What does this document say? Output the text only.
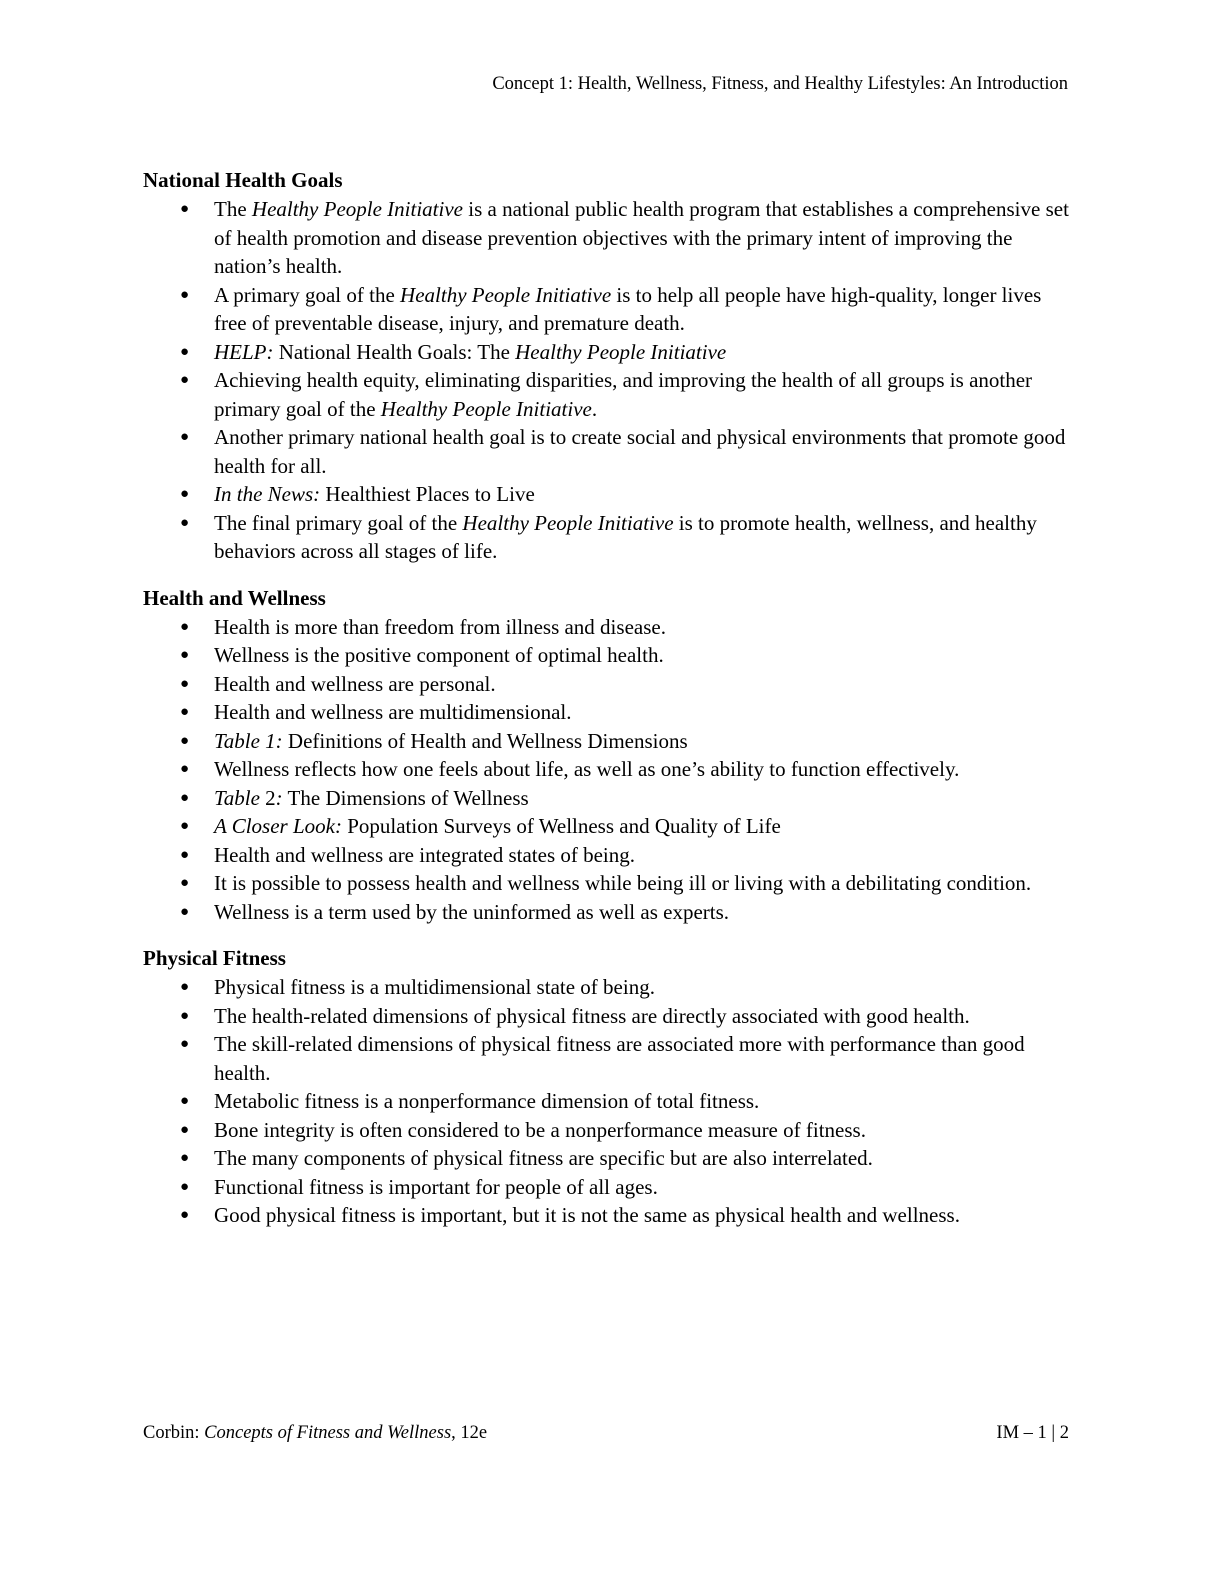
Concept 1: Health, Wellness, Fitness, and Healthy Lifestyles: An Introduction
National Health Goals
● The Healthy People Initiative is a national public health program that establishes a comprehensive set of health promotion and disease prevention objectives with the primary intent of improving the nation’s health.
● A primary goal of the Healthy People Initiative is to help all people have high-quality, longer lives free of preventable disease, injury, and premature death.
● HELP: National Health Goals: The Healthy People Initiative
● Achieving health equity, eliminating disparities, and improving the health of all groups is another primary goal of the Healthy People Initiative.
● Another primary national health goal is to create social and physical environments that promote good health for all.
● In the News: Healthiest Places to Live
● The final primary goal of the Healthy People Initiative is to promote health, wellness, and healthy behaviors across all stages of life.
Health and Wellness
● Health is more than freedom from illness and disease.
● Wellness is the positive component of optimal health.
● Health and wellness are personal.
● Health and wellness are multidimensional.
● Table 1: Definitions of Health and Wellness Dimensions
● Wellness reflects how one feels about life, as well as one’s ability to function effectively.
● Table 2: The Dimensions of Wellness
● A Closer Look: Population Surveys of Wellness and Quality of Life
● Health and wellness are integrated states of being.
● It is possible to possess health and wellness while being ill or living with a debilitating condition.
● Wellness is a term used by the uninformed as well as experts.
Physical Fitness
● Physical fitness is a multidimensional state of being.
● The health-related dimensions of physical fitness are directly associated with good health.
● The skill-related dimensions of physical fitness are associated more with performance than good health.
● Metabolic fitness is a nonperformance dimension of total fitness.
● Bone integrity is often considered to be a nonperformance measure of fitness.
● The many components of physical fitness are specific but are also interrelated.
● Functional fitness is important for people of all ages.
● Good physical fitness is important, but it is not the same as physical health and wellness.
Corbin: Concepts of Fitness and Wellness, 12e	IM – 1 | 2
